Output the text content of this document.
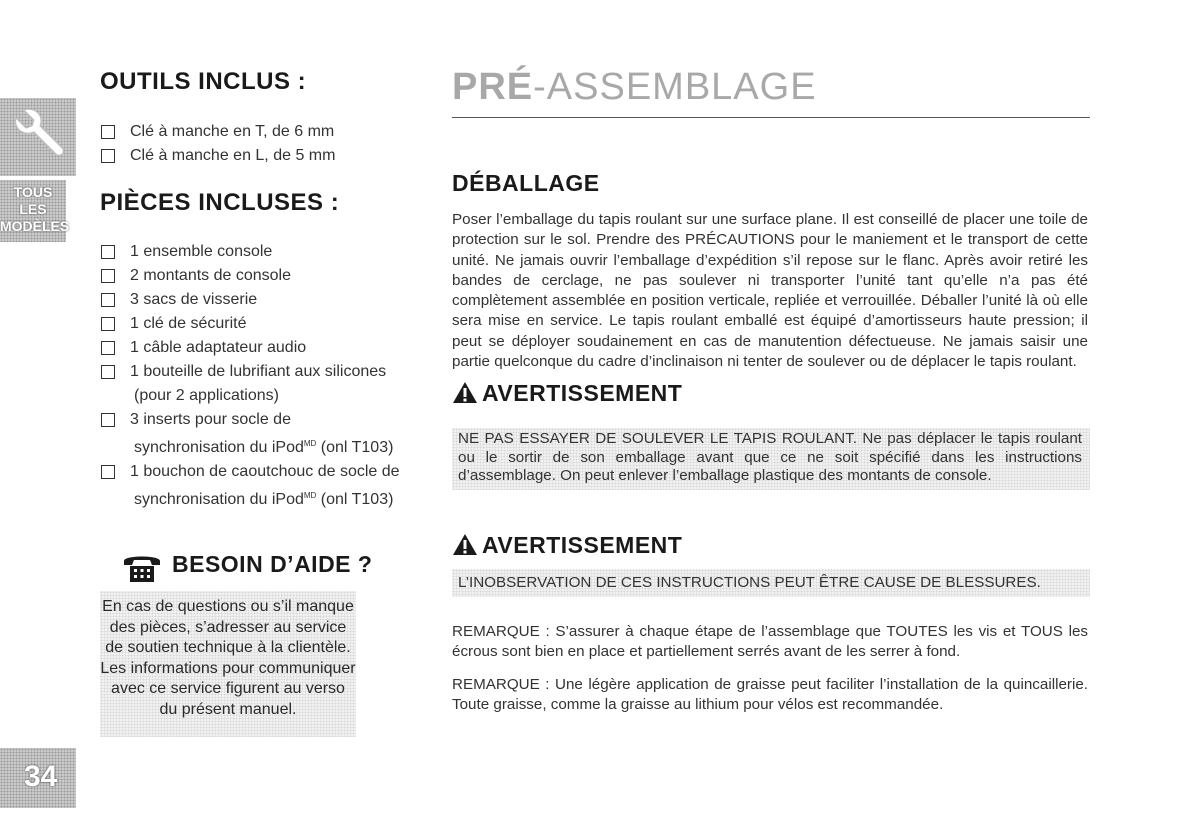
TOUS
LES
MODÈLES
34
OUTILS INCLUS :
Clé à manche en T, de 6 mm
Clé à manche en L, de 5 mm
PIÈCES INCLUSES :
1 ensemble console
2 montants de console
3 sacs de visserie
1 clé de sécurité
1 câble adaptateur audio
1 bouteille de lubrifiant aux silicones
(pour 2 applications)
3 inserts pour socle de
synchronisation du iPod$^{MD}$ (onl T103)
1 bouchon de caoutchouc de socle de
synchronisation du iPod$^{MD}$ (onl T103)
BESOIN D’AIDE ?

En cas de questions ou s’il manque des pièces, s’adresser au service de soutien technique à la clientèle. Les informations pour communiquer avec ce service figurent au verso du présent manuel.

PRÉ-ASSEMBLAGE
DÉBALLAGE

Poser l’emballage du tapis roulant sur une surface plane. Il est conseillé de placer une toile de protection sur le sol. Prendre des PRÉCAUTIONS pour le maniement et le transport de cette unité. Ne jamais ouvrir l’emballage d’expédition s’il repose sur le flanc. Après avoir retiré les bandes de cerclage, ne pas soulever ni transporter l’unité tant qu’elle n’a pas été complètement assemblée en position verticale, repliée et verrouillée. Déballer l’unité là où elle sera mise en service. Le tapis roulant emballé est équipé d’amortisseurs haute pression; il peut se déployer soudainement en cas de manutention défectueuse. Ne jamais saisir une partie quelconque du cadre d’inclinaison ni tenter de soulever ou de déplacer le tapis roulant.

AVERTISSEMENT

NE PAS ESSAYER DE SOULEVER LE TAPIS ROULANT. Ne pas déplacer le tapis roulant ou le sortir de son emballage avant que ce ne soit spécifié dans les instructions d’assemblage. On peut enlever l’emballage plastique des montants de console.

AVERTISSEMENT

L’INOBSERVATION DE CES INSTRUCTIONS PEUT ÊTRE CAUSE DE BLESSURES.

REMARQUE : S’assurer à chaque étape de l’assemblage que TOUTES les vis et TOUS les écrous sont bien en place et partiellement serrés avant de les serrer à fond.

REMARQUE : Une légère application de graisse peut faciliter l’installation de la quincaillerie. Toute graisse, comme la graisse au lithium pour vélos est recommandée.
